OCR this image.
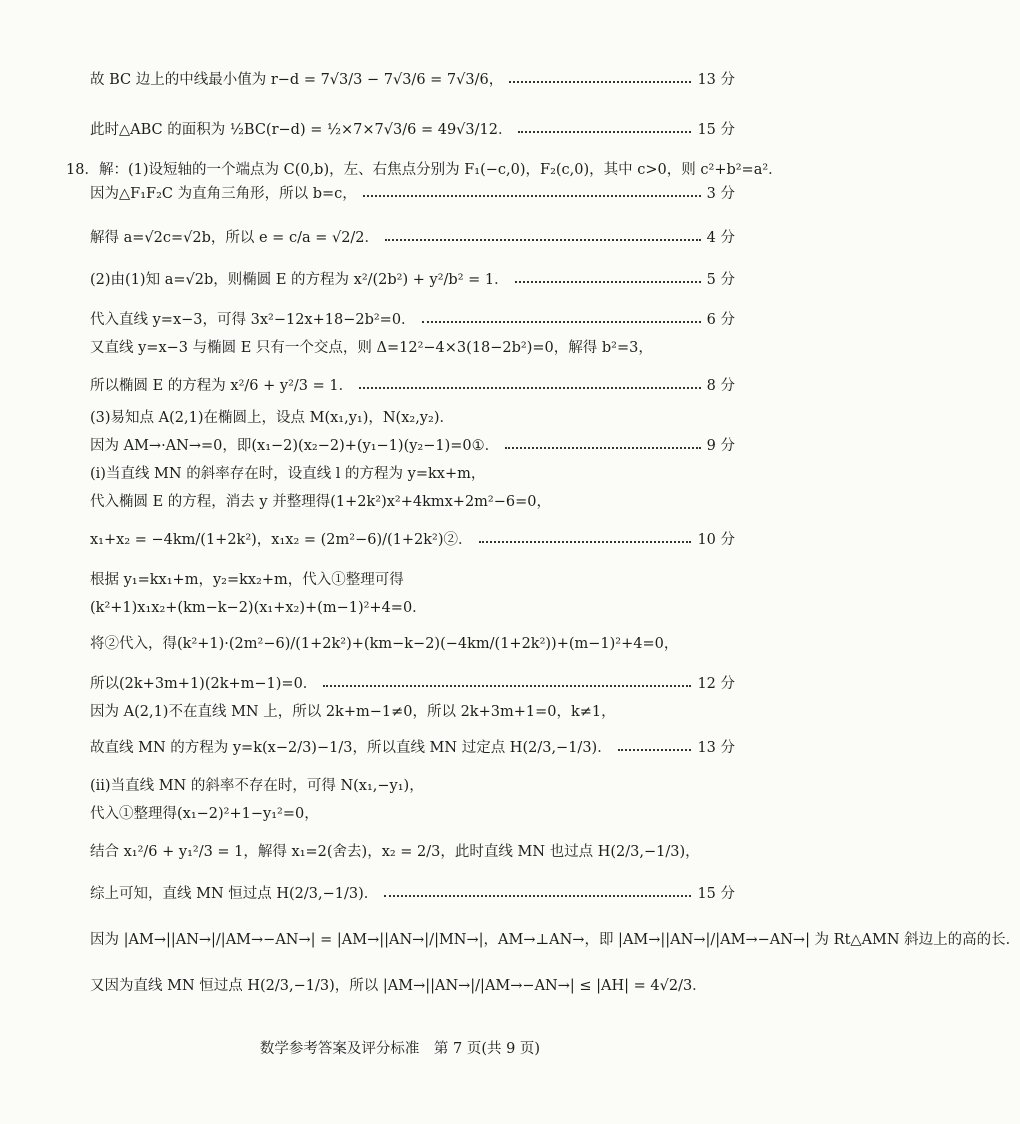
故 BC 边上的中线最小值为 r−d = 7√3/3 − 7√3/6 = 7√3/6，	13 分
此时△ABC 的面积为 ½BC(r−d) = ½×7×7√3/6 = 49√3/12．	15 分
18．解：(1)设短轴的一个端点为 C(0,b)，左、右焦点分别为 F₁(−c,0)，F₂(c,0)，其中 c>0，则 c²+b²=a²．
因为△F₁F₂C 为直角三角形，所以 b=c，	3 分
解得 a=√2c=√2b，所以 e = c/a = √2/2．	4 分
(2)由(1)知 a=√2b，则椭圆 E 的方程为 x²/(2b²) + y²/b² = 1．	5 分
代入直线 y=x−3，可得 3x²−12x+18−2b²=0．	6 分
又直线 y=x−3 与椭圆 E 只有一个交点，则 Δ=12²−4×3(18−2b²)=0，解得 b²=3，
所以椭圆 E 的方程为 x²/6 + y²/3 = 1．	8 分
(3)易知点 A(2,1)在椭圆上，设点 M(x₁,y₁)，N(x₂,y₂)．
因为 AM→·AN→=0，即(x₁−2)(x₂−2)+(y₁−1)(y₂−1)=0①．	9 分
(ⅰ)当直线 MN 的斜率存在时，设直线 l 的方程为 y=kx+m，
代入椭圆 E 的方程，消去 y 并整理得(1+2k²)x²+4kmx+2m²−6=0，
x₁+x₂ = −4km/(1+2k²)，x₁x₂ = (2m²−6)/(1+2k²)②．	10 分
根据 y₁=kx₁+m，y₂=kx₂+m，代入①整理可得
(k²+1)x₁x₂+(km−k−2)(x₁+x₂)+(m−1)²+4=0．
将②代入，得(k²+1)·(2m²−6)/(1+2k²)+(km−k−2)(−4km/(1+2k²))+(m−1)²+4=0，
所以(2k+3m+1)(2k+m−1)=0．	12 分
因为 A(2,1)不在直线 MN 上，所以 2k+m−1≠0，所以 2k+3m+1=0，k≠1，
故直线 MN 的方程为 y=k(x−2/3)−1/3，所以直线 MN 过定点 H(2/3,−1/3)．	13 分
(ⅱ)当直线 MN 的斜率不存在时，可得 N(x₁,−y₁)，
代入①整理得(x₁−2)²+1−y₁²=0，
结合 x₁²/6 + y₁²/3 = 1，解得 x₁=2(舍去)，x₂ = 2/3，此时直线 MN 也过点 H(2/3,−1/3)，
综上可知，直线 MN 恒过点 H(2/3,−1/3)．	15 分
因为 |AM→||AN→|/|AM→−AN→| = |AM→||AN→|/|MN→|，AM→⊥AN→，即 |AM→||AN→|/|AM→−AN→| 为 Rt△AMN 斜边上的高的长．
又因为直线 MN 恒过点 H(2/3,−1/3)，所以 |AM→||AN→|/|AM→−AN→| ≤ |AH| = 4√2/3．
数学参考答案及评分标准　第 7 页(共 9 页)
